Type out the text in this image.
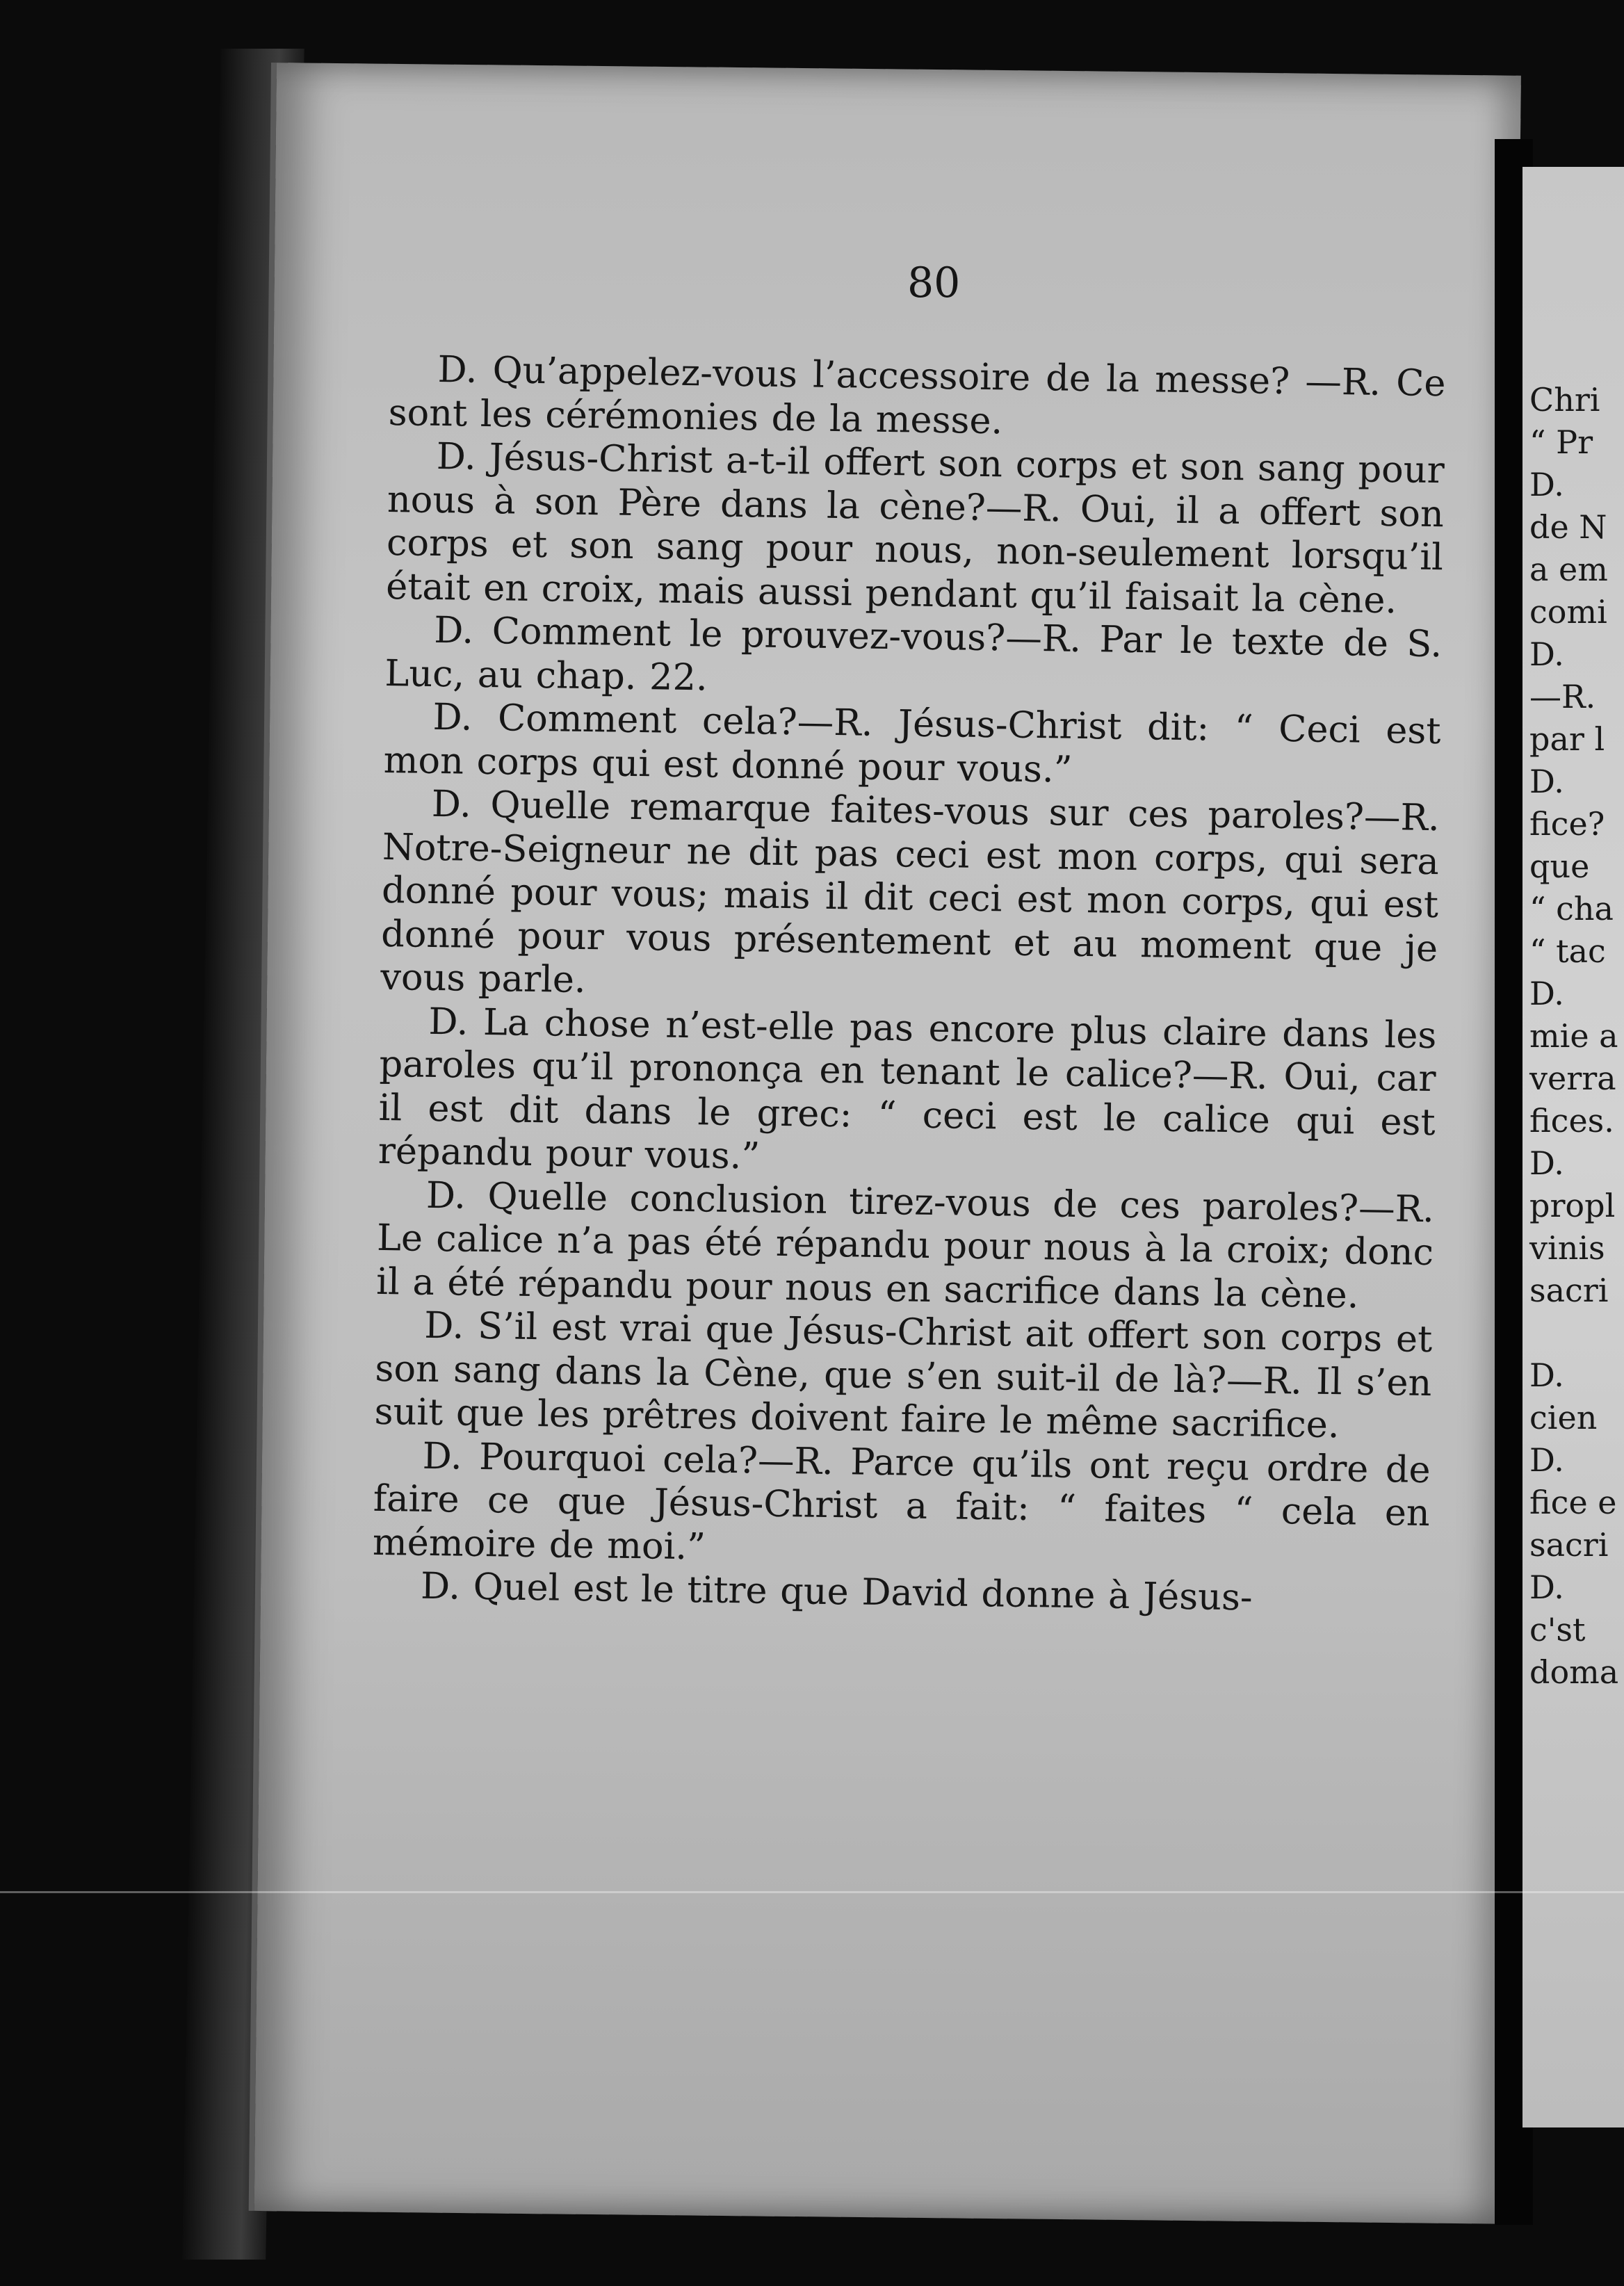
80

D. Qu’appelez-vous l’accessoire de la messe? —R. Ce sont les cérémonies de la messe.

D. Jésus-Christ a-t-il offert son corps et son sang pour nous à son Père dans la cène?—R. Oui, il a offert son corps et son sang pour nous, non-seulement lorsqu’il était en croix, mais aussi pendant qu’il faisait la cène.

D. Comment le prouvez-vous?—R. Par le texte de S. Luc, au chap. 22.

D. Comment cela?—R. Jésus-Christ dit: “ Ceci est mon corps qui est donné pour vous.”

D. Quelle remarque faites-vous sur ces paroles?—R. Notre-Seigneur ne dit pas ceci est mon corps, qui sera donné pour vous; mais il dit ceci est mon corps, qui est donné pour vous présentement et au moment que je vous parle.

D. La chose n’est-elle pas encore plus claire dans les paroles qu’il prononça en tenant le calice?—R. Oui, car il est dit dans le grec: “ ceci est le calice qui est répandu pour vous.”

D. Quelle conclusion tirez-vous de ces paroles?—R. Le calice n’a pas été répandu pour nous à la croix; donc il a été répandu pour nous en sacrifice dans la cène.

D. S’il est vrai que Jésus-Christ ait offert son corps et son sang dans la Cène, que s’en suit-il de là?—R. Il s’en suit que les prêtres doivent faire le même sacrifice.

D. Pourquoi cela?—R. Parce qu’ils ont reçu ordre de faire ce que Jésus-Christ a fait: “ faites “ cela en mémoire de moi.”

D. Quel est le titre que David donne à Jésus-

Chri
“ Pr
D.
de N
a em
comi
D.
—R.
par l
D.
fice?
que
“ cha
“ tac
D.
mie a
verra
fices.
D.
propl
vinis
sacri
D.
cien
D.
fice e
sacri
D.
c'st
doma
